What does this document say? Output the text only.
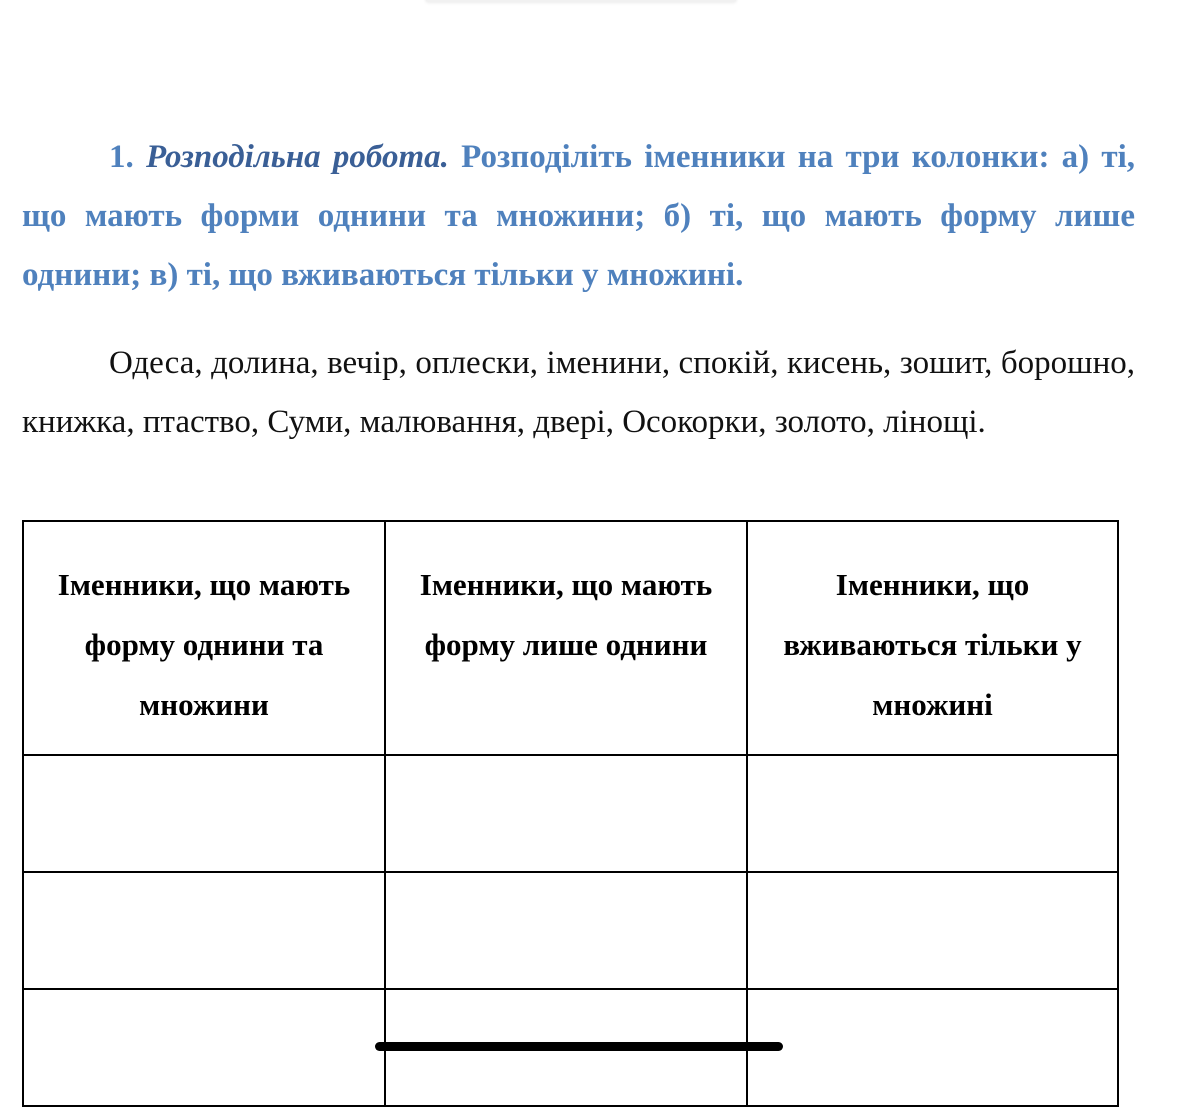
1. Розподільна робота. Розподіліть іменники на три колонки: а) ті, що мають форми однини та множини; б) ті, що мають форму лише однини; в) ті, що вживаються тільки у множині.

Одеса, долина, вечір, оплески, іменини, спокій, кисень, зошит, борошно, книжка, птаство, Суми, малювання, двері, Осокорки, золото, лінощі.

Іменники, що мають форму однини та множини	Іменники, що мають форму лише однини	Іменники, що вживаються тільки у множині
